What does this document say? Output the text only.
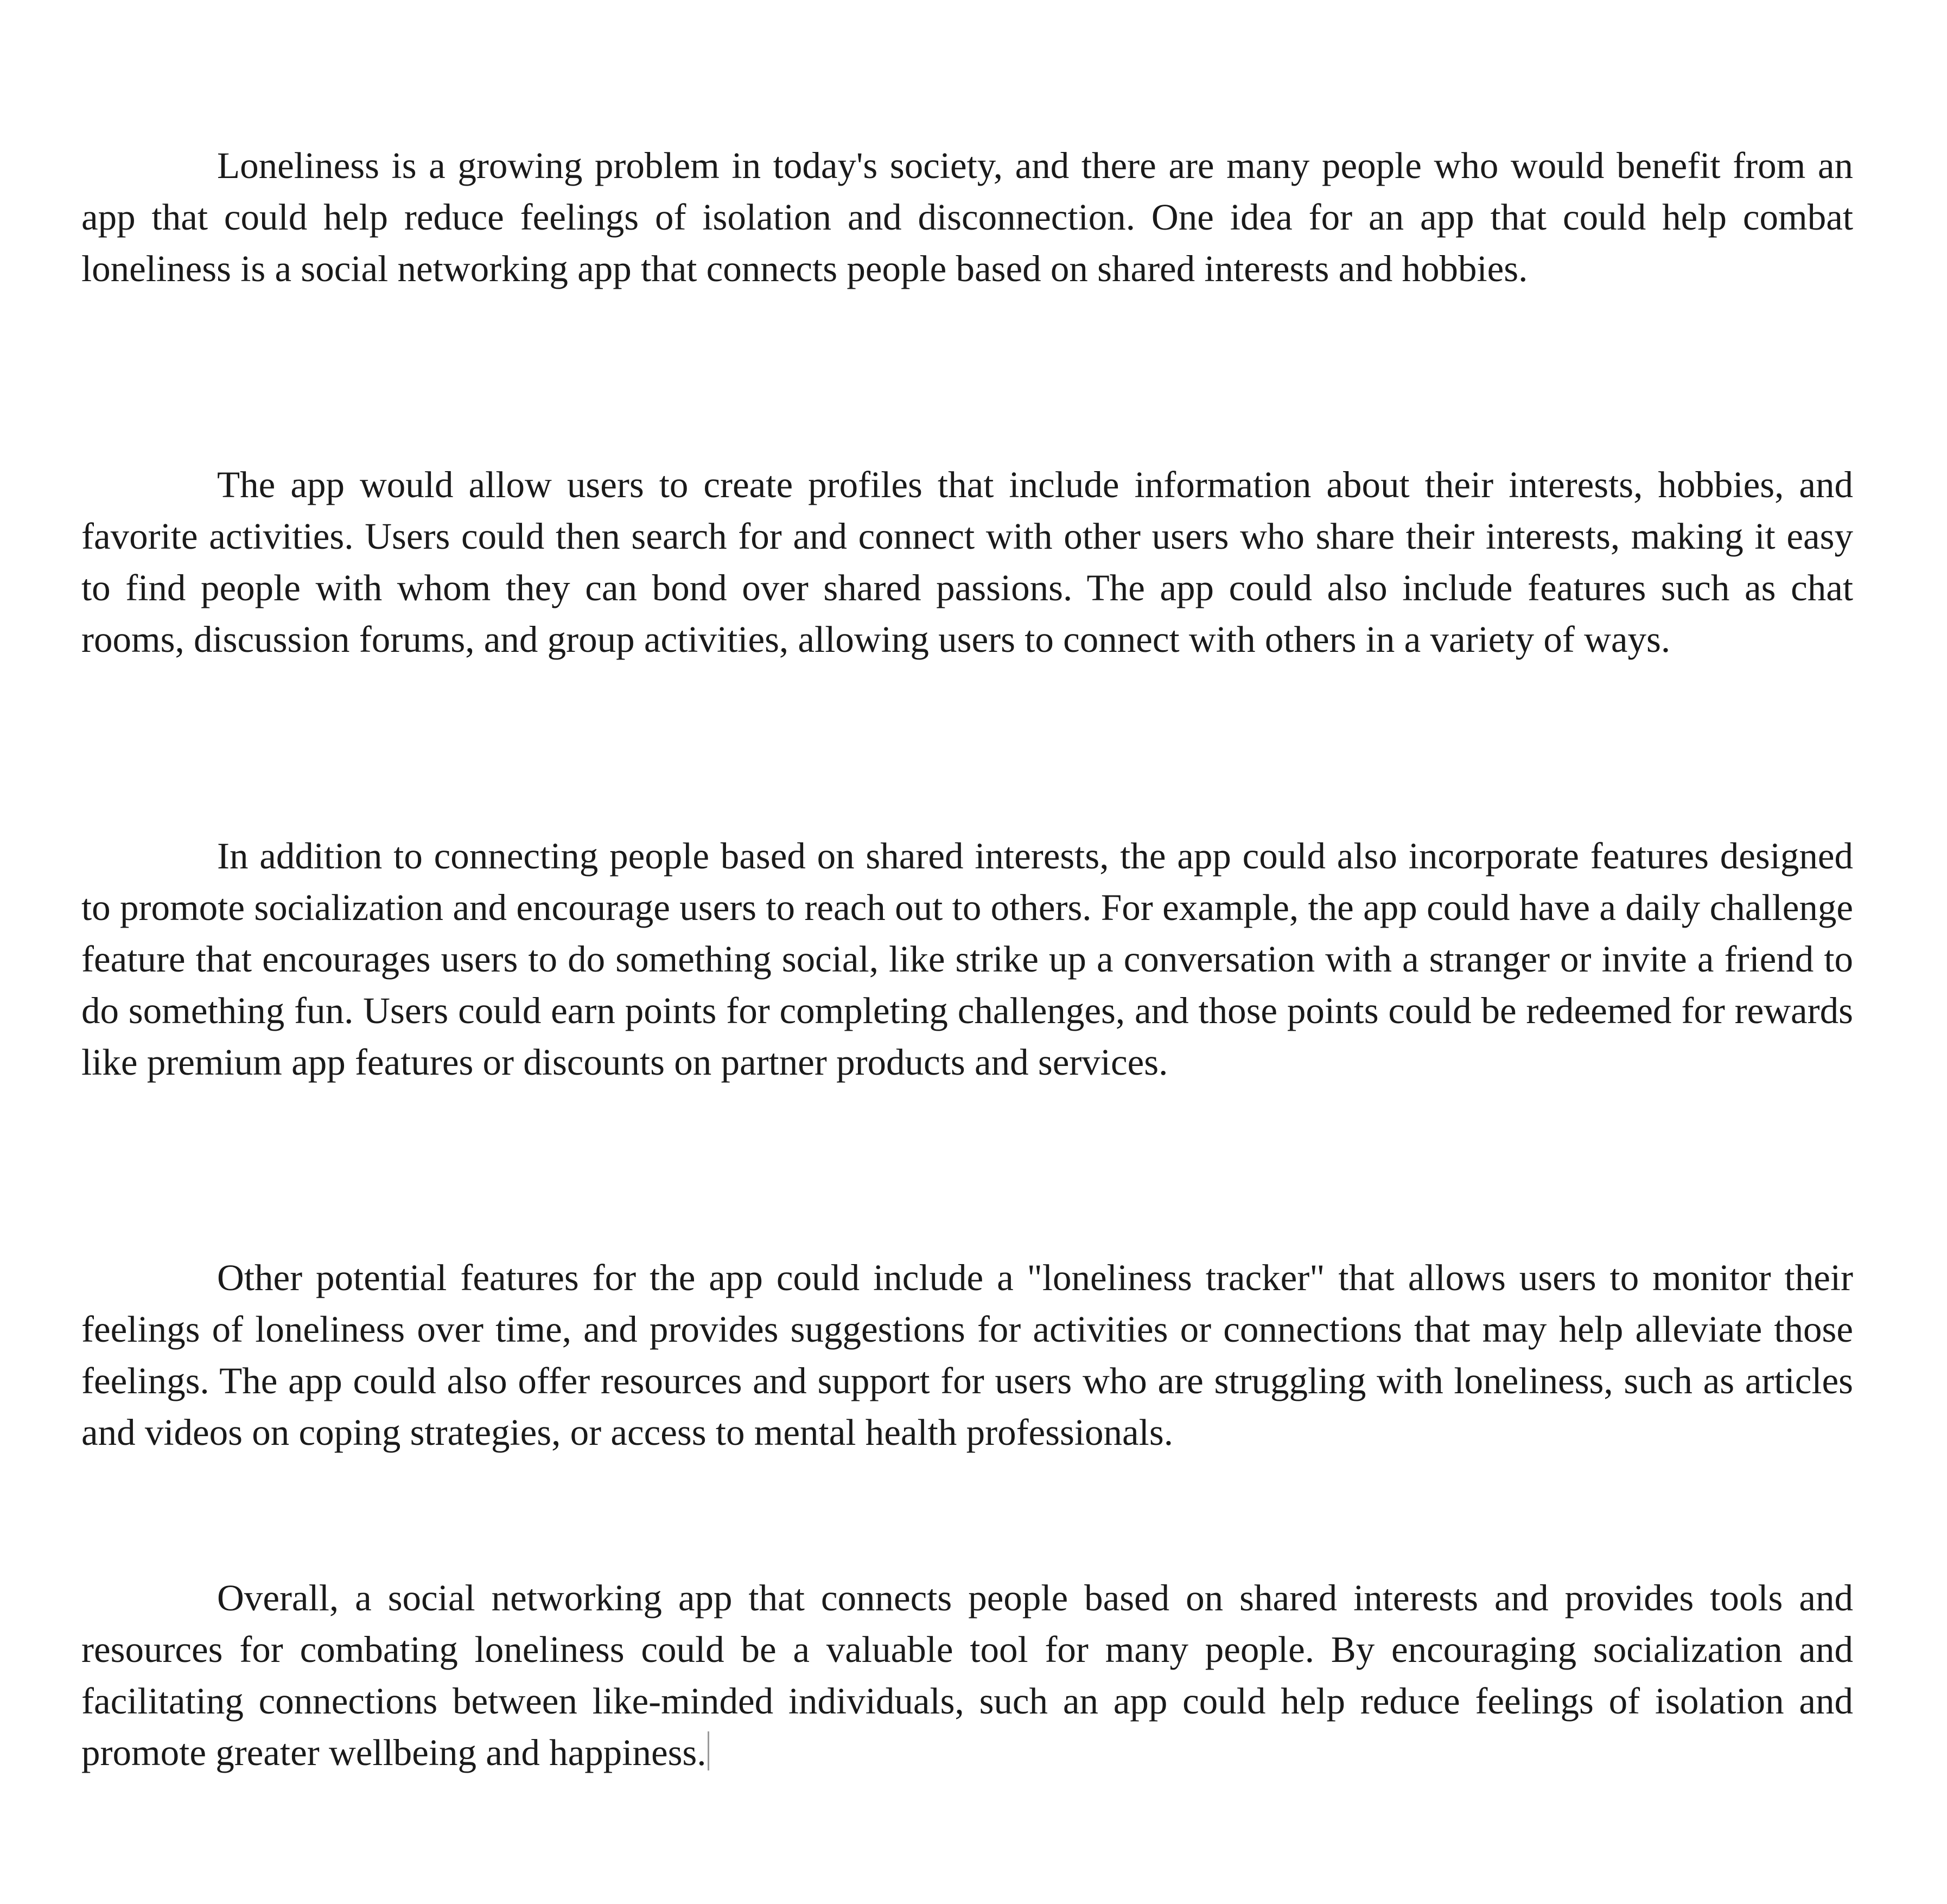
Loneliness is a growing problem in today's society, and there are many people who would benefit from an app that could help reduce feelings of isolation and disconnection. One idea for an app that could help combat loneliness is a social networking app that connects people based on shared interests and hobbies.

The app would allow users to create profiles that include information about their interests, hobbies, and favorite activities. Users could then search for and connect with other users who share their interests, making it easy to find people with whom they can bond over shared passions. The app could also include features such as chat rooms, discussion forums, and group activities, allowing users to connect with others in a variety of ways.

In addition to connecting people based on shared interests, the app could also incorporate features designed to promote socialization and encourage users to reach out to others. For example, the app could have a daily challenge feature that encourages users to do something social, like strike up a conversation with a stranger or invite a friend to do something fun. Users could earn points for completing challenges, and those points could be redeemed for rewards like premium app features or discounts on partner products and services.

Other potential features for the app could include a "loneliness tracker" that allows users to monitor their feelings of loneliness over time, and provides suggestions for activities or connections that may help alleviate those feelings. The app could also offer resources and support for users who are struggling with loneliness, such as articles and videos on coping strategies, or access to mental health professionals.

Overall, a social networking app that connects people based on shared interests and provides tools and resources for combating loneliness could be a valuable tool for many people. By encouraging socialization and facilitating connections between like-minded individuals, such an app could help reduce feelings of isolation and promote greater wellbeing and happiness.
